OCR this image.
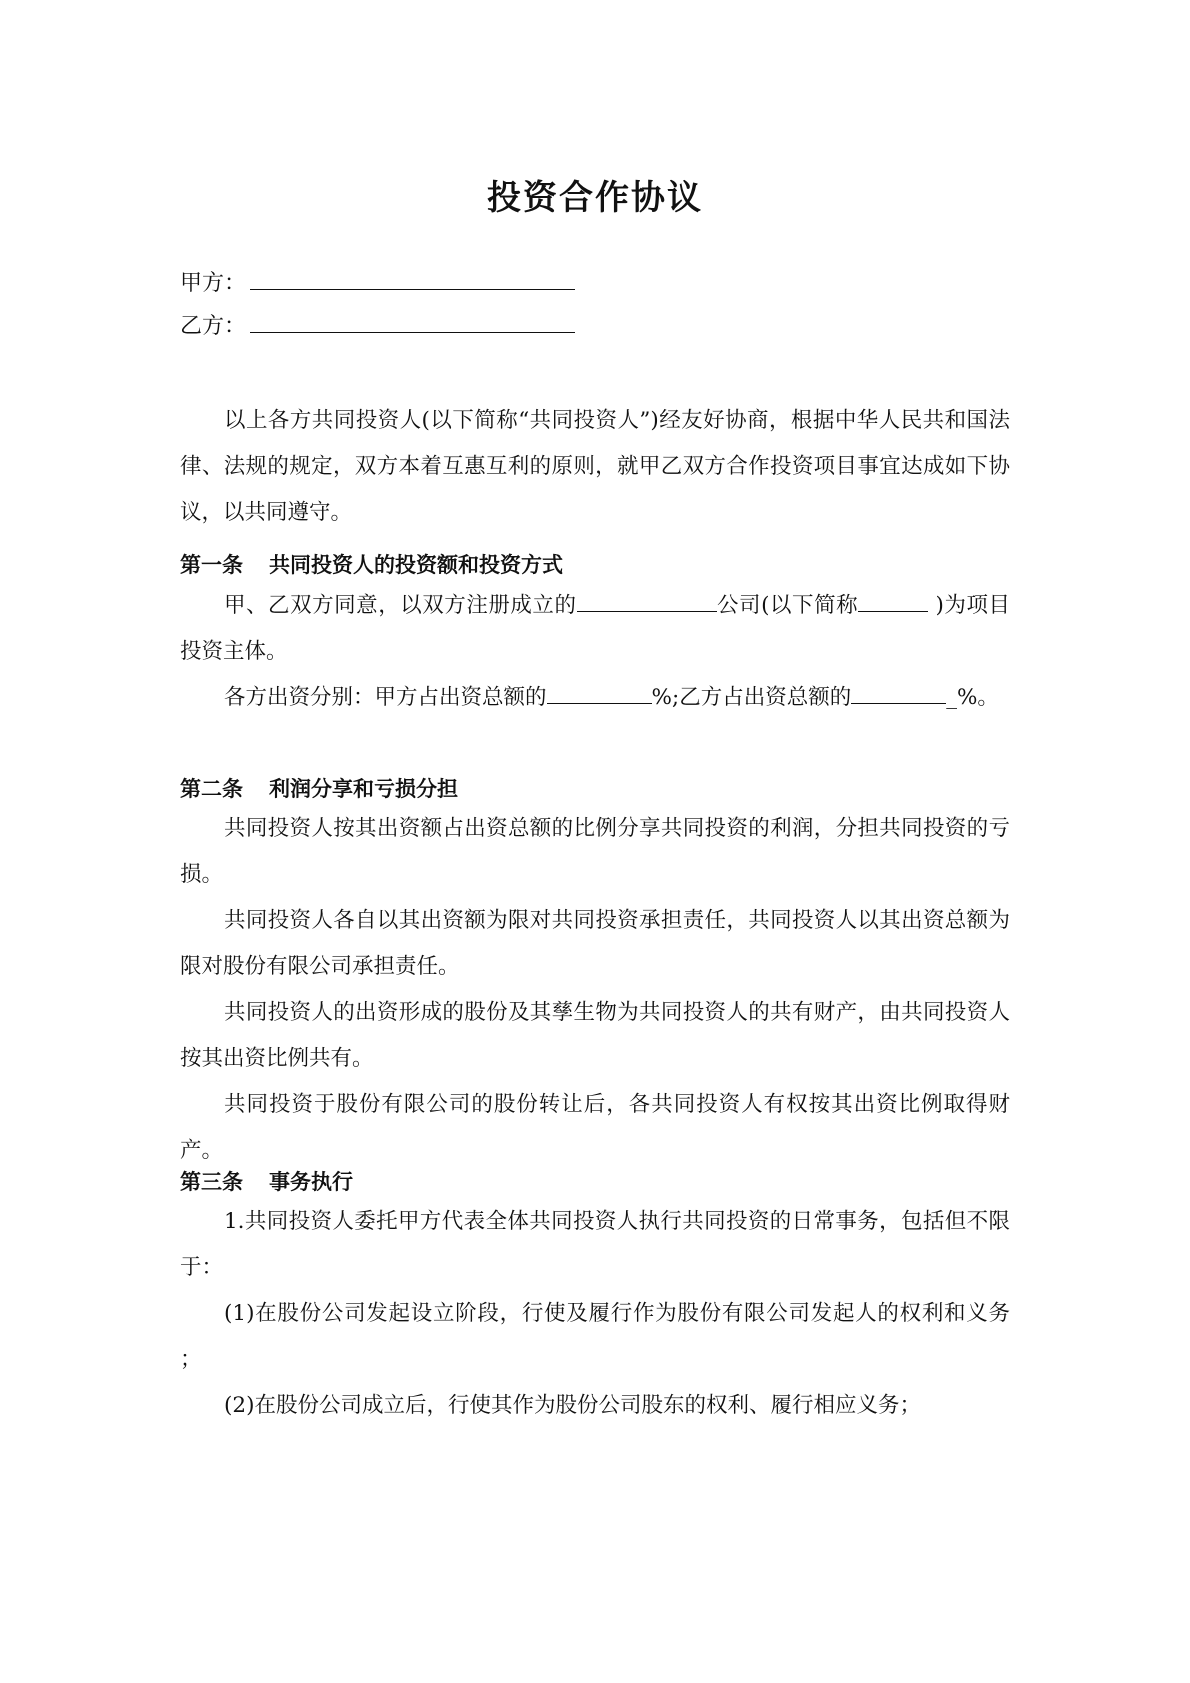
投资合作协议
甲方：
乙方：

以上各方共同投资人(以下简称“共同投资人”)经友好协商，根据中华人民共和国法律、法规的规定，双方本着互惠互利的原则，就甲乙双方合作投资项目事宜达成如下协议，以共同遵守。

第一条 共同投资人的投资额和投资方式

甲、乙双方同意，以双方注册成立的	公司(以下简称	)为项目投资主体。

各方出资分别：甲方占出资总额的	%;乙方占出资总额的	_%。

第二条 利润分享和亏损分担

共同投资人按其出资额占出资总额的比例分享共同投资的利润，分担共同投资的亏损。

共同投资人各自以其出资额为限对共同投资承担责任，共同投资人以其出资总额为限对股份有限公司承担责任。

共同投资人的出资形成的股份及其孳生物为共同投资人的共有财产，由共同投资人按其出资比例共有。

共同投资于股份有限公司的股份转让后，各共同投资人有权按其出资比例取得财产。

第三条 事务执行

1.共同投资人委托甲方代表全体共同投资人执行共同投资的日常事务，包括但不限于：

(1)在股份公司发起设立阶段，行使及履行作为股份有限公司发起人的权利和义务 ；

(2)在股份公司成立后，行使其作为股份公司股东的权利、履行相应义务；
